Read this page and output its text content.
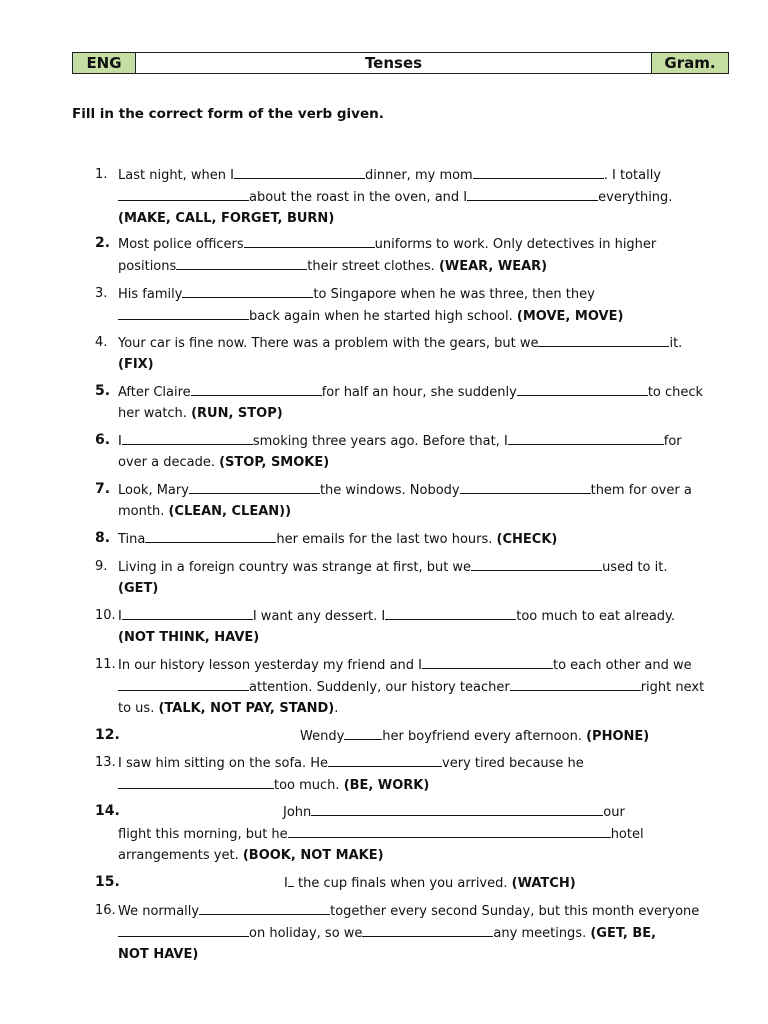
ENG	Tenses	Gram.
Fill in the correct form of the verb given.
1. Last night, when I	dinner, my mom	. I totally
about the roast in the oven, and I	everything.
(MAKE, CALL, FORGET, BURN)
2. Most police officers	uniforms to work. Only detectives in higher
positions	their street clothes. (WEAR, WEAR)
3. His family	to Singapore when he was three, then they
back again when he started high school. (MOVE, MOVE)
4. Your car is fine now. There was a problem with the gears, but we	it.
(FIX)
5. After Claire	for half an hour, she suddenly	to check
her watch. (RUN, STOP)
6. I	smoking three years ago. Before that, I	for
over a decade. (STOP, SMOKE)
7. Look, Mary	the windows. Nobody	them for over a
month. (CLEAN, CLEAN))
8. Tina	her emails for the last two hours. (CHECK)
9. Living in a foreign country was strange at first, but we	used to it.
(GET)
10. I	I want any dessert. I	too much to eat already.
(NOT THINK, HAVE)
11. In our history lesson yesterday my friend and I	to each other and we
attention. Suddenly, our history teacher	right next
to us. (TALK, NOT PAY, STAND).
12.	Wendy	her boyfriend every afternoon. (PHONE)
13. I saw him sitting on the sofa. He	very tired because he
too much. (BE, WORK)
14.	John	our
flight this morning, but he	hotel
arrangements yet. (BOOK, NOT MAKE)
15.	I the cup finals when you arrived. (WATCH)
16. We normally	together every second Sunday, but this month everyone
on holiday, so we	any meetings. (GET, BE,
NOT HAVE)
